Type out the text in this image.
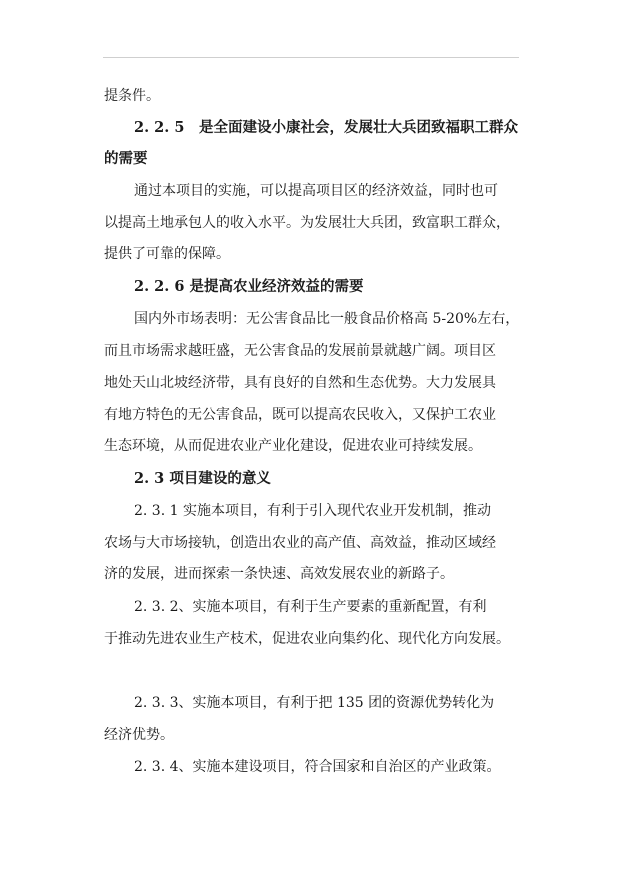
提条件。

2. 2. 5　是全面建设小康社会，发展壮大兵团致福职工群众

的需要

通过本项目的实施，可以提高项目区的经济效益，同时也可

以提高土地承包人的收入水平。为发展壮大兵团，致富职工群众，

提供了可靠的保障。

2. 2. 6 是提高农业经济效益的需要

国内外市场表明：无公害食品比一般食品价格高 5-20%左右，

而且市场需求越旺盛，无公害食品的发展前景就越广阔。项目区

地处天山北坡经济带，具有良好的自然和生态优势。大力发展具

有地方特色的无公害食品，既可以提高农民收入，又保护工农业

生态环境，从而促进农业产业化建设，促进农业可持续发展。

2. 3 项目建设的意义

2. 3. 1 实施本项目，有利于引入现代农业开发机制，推动

农场与大市场接轨，创造出农业的高产值、高效益，推动区域经

济的发展，进而探索一条快速、高效发展农业的新路子。

2. 3. 2、实施本项目，有利于生产要素的重新配置，有利

于推动先进农业生产枝术，促进农业向集约化、现代化方向发展。

2. 3. 3、实施本项目，有利于把 135 团的资源优势转化为

经济优势。

2. 3. 4、实施本建设项目，符合国家和自治区的产业政策。
